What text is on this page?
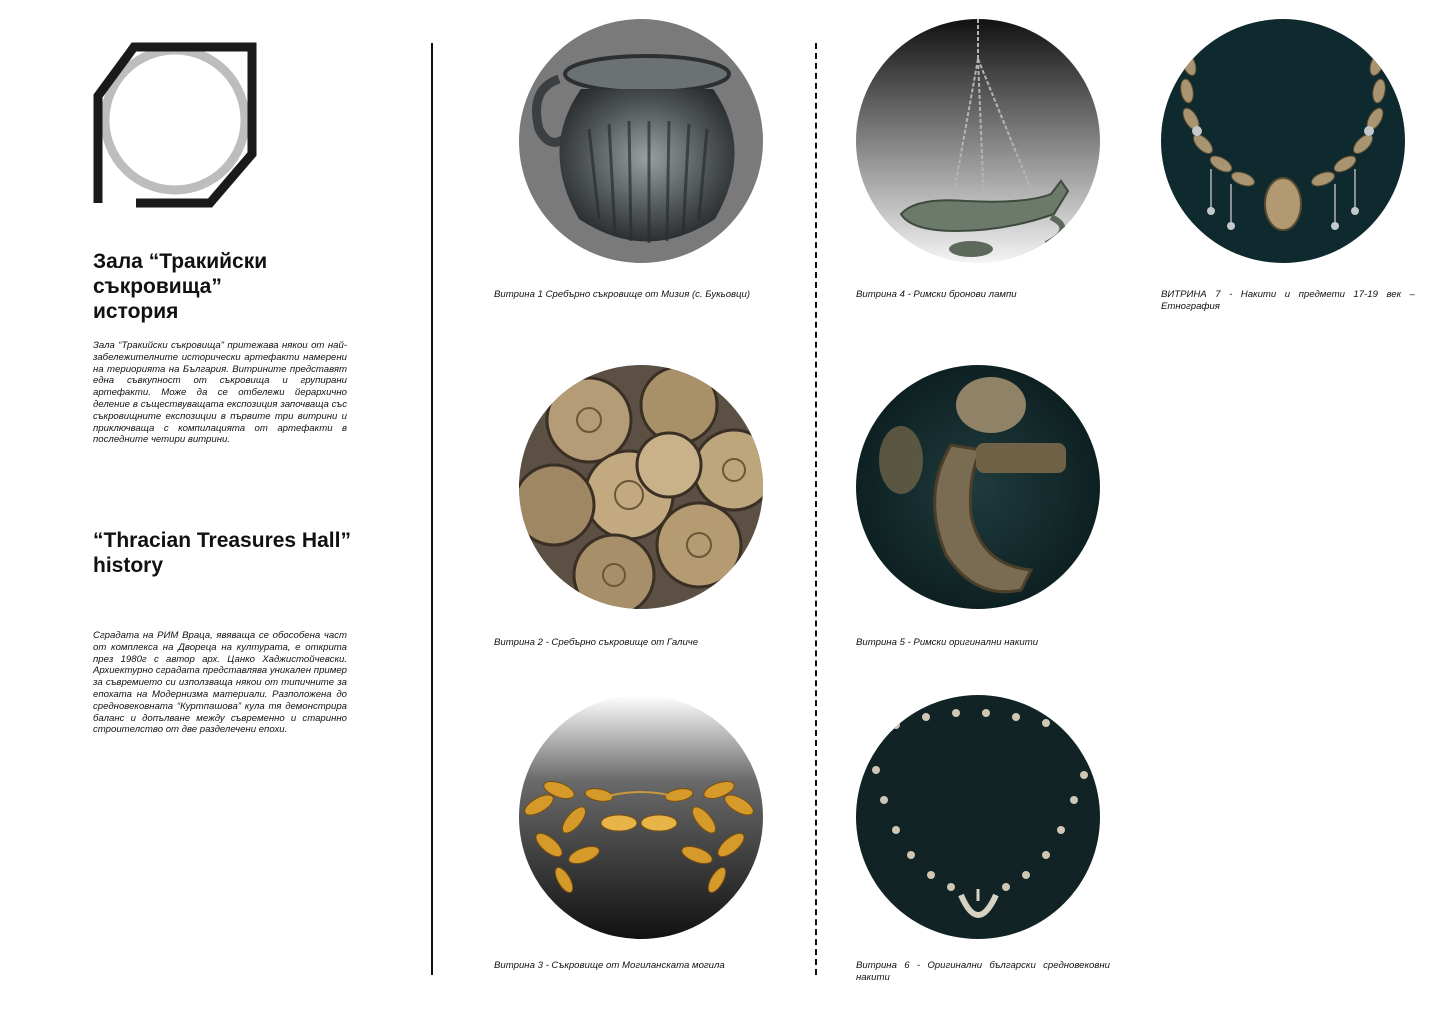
Зала “Тракийски
съкровища”
история
Зала “Тракийски съкровища” притежава някои от най-забележителните исторически артефакти намерени на териорията на България. Витрините представят една съвкупност от съкровища и групирани артефакти. Може да се отбележи йерархично деление в съществуващата експозиция започваща със съкровищните експозиции в първите три витрини и приключваща с компилацията от артефакти в последните четири витрини.
“Thracian Treasures Hall”
history
Сградата на РИМ Враца, явяваща се обособена част от комплекса на Двореца на културата, е открита през 1980г с автор арх. Цанко Хаджистойчевски. Архиектурно сградата представлява уникален пример за съвремието си използваща някои от типичните за епохата на Модернизма материали. Разположена до средновековната “Куртпашова” кула тя демонстрира баланс и допълване между съвременно и старинно строителство от две разделечени епохи.
Витрина 1 Сребърно съкровище от Мизия (с. Букьовци)
Витрина 2 - Сребърно съкровище от Галиче
Витрина 3 - Съкровище от Могиланската могила
Витрина 4 - Римски бронови лампи
Витрина 5 - Римски оригинални накити
Витрина 6 - Оригинални български средновековни накити
ВИТРИНА 7 - Накити и предмети 17-19 век – Етнография
